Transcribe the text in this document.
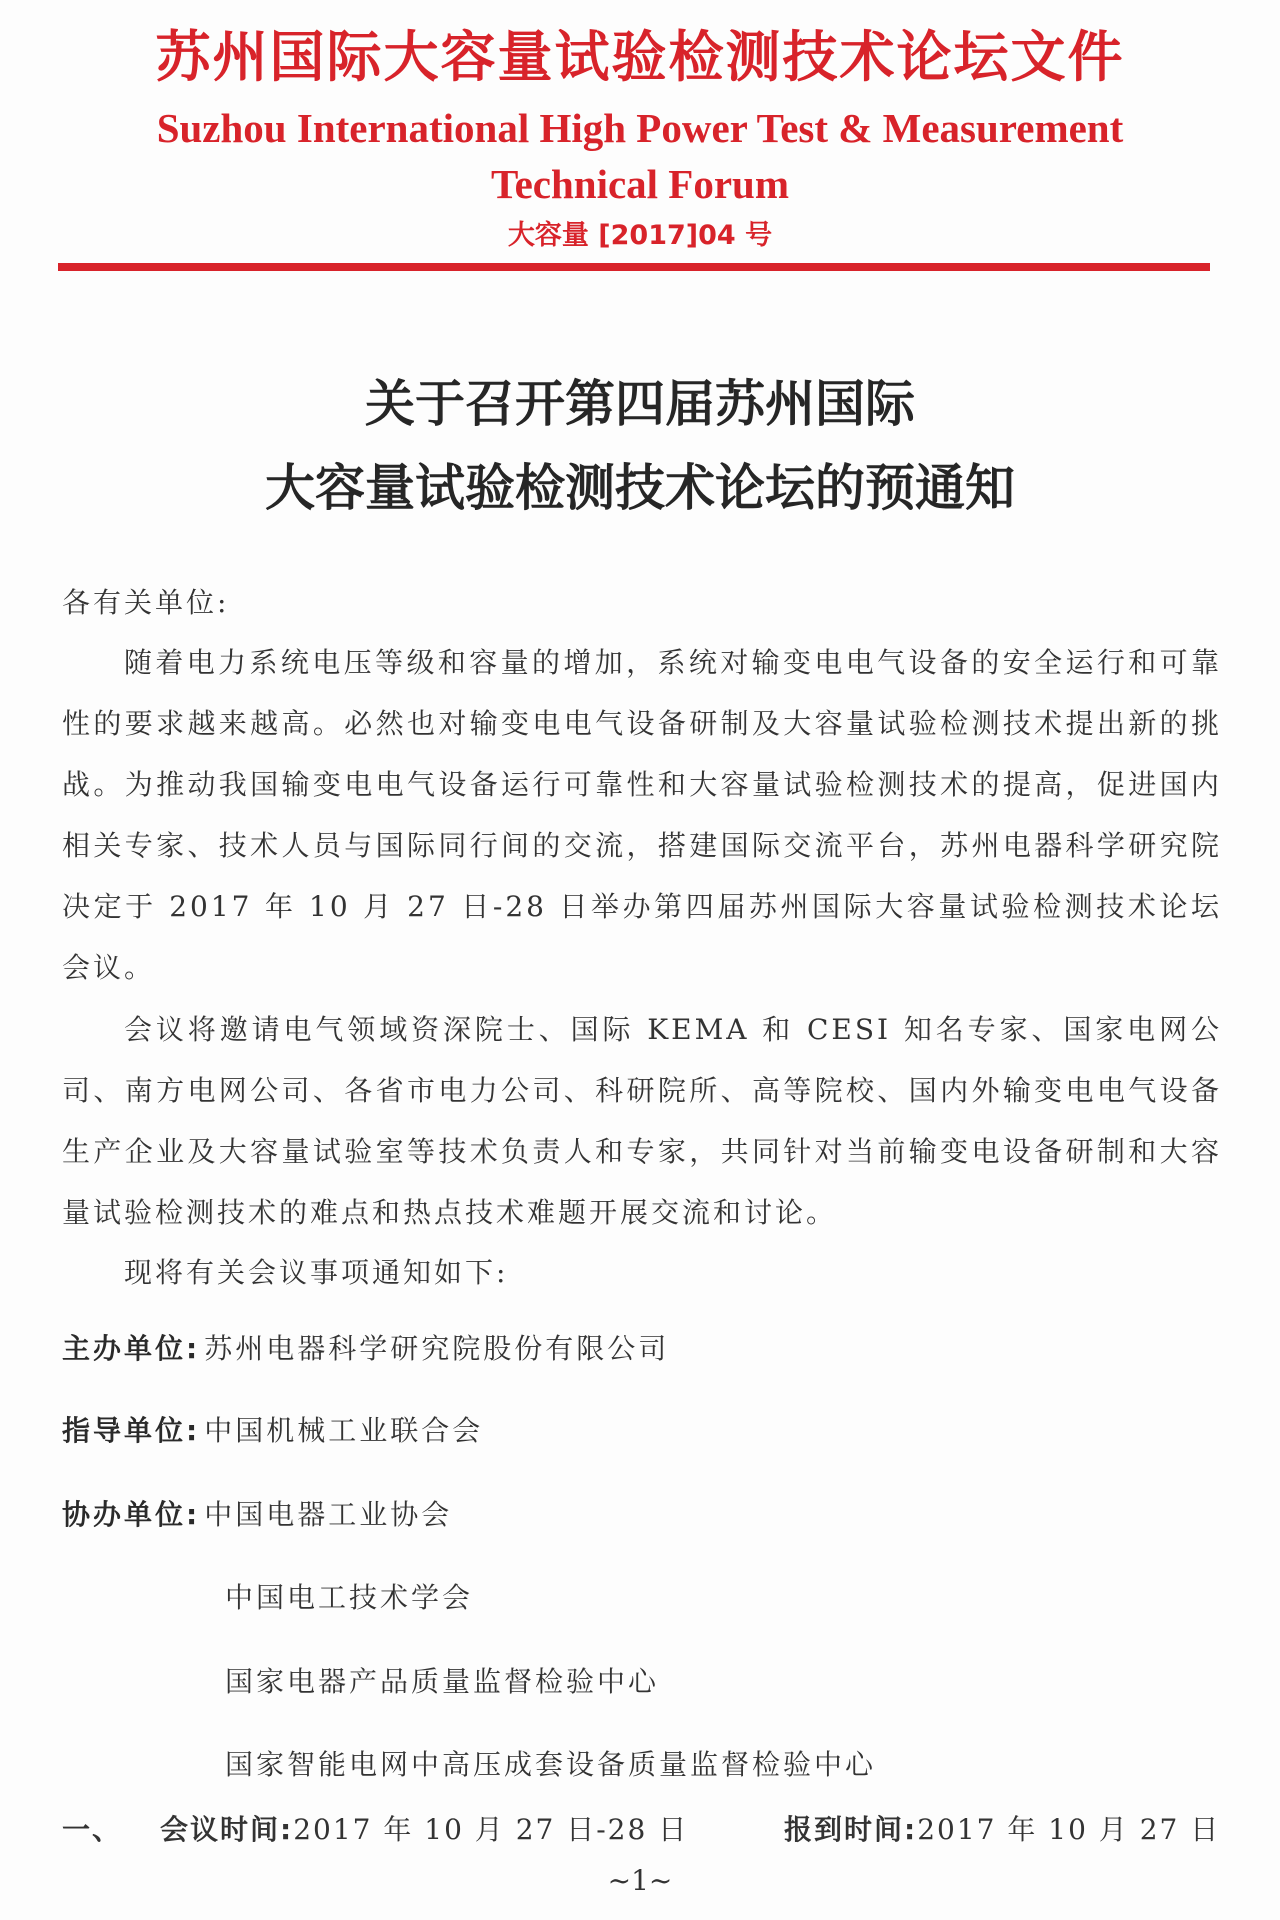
苏州国际大容量试验检测技术论坛文件
Suzhou International High Power Test & Measurement
Technical Forum
大容量 [2017]04 号
关于召开第四届苏州国际
大容量试验检测技术论坛的预通知

各有关单位:

随着电力系统电压等级和容量的增加，系统对输变电电气设备的安全运行和可靠性的要求越来越高。必然也对输变电电气设备研制及大容量试验检测技术提出新的挑战。为推动我国输变电电气设备运行可靠性和大容量试验检测技术的提高，促进国内相关专家、技术人员与国际同行间的交流，搭建国际交流平台，苏州电器科学研究院决定于 2017 年 10 月 27 日-28 日举办第四届苏州国际大容量试验检测技术论坛会议。

会议将邀请电气领域资深院士、国际 KEMA 和 CESI 知名专家、国家电网公司、南方电网公司、各省市电力公司、科研院所、高等院校、国内外输变电电气设备生产企业及大容量试验室等技术负责人和专家，共同针对当前输变电设备研制和大容量试验检测技术的难点和热点技术难题开展交流和讨论。

现将有关会议事项通知如下:

主办单位: 苏州电器科学研究院股份有限公司
指导单位: 中国机械工业联合会
协办单位: 中国电器工业协会
中国电工技术学会
国家电器产品质量监督检验中心
国家智能电网中高压成套设备质量监督检验中心
一、 会议时间:2017 年 10 月 27 日-28 日	报到时间:2017 年 10 月 27 日
~1~
